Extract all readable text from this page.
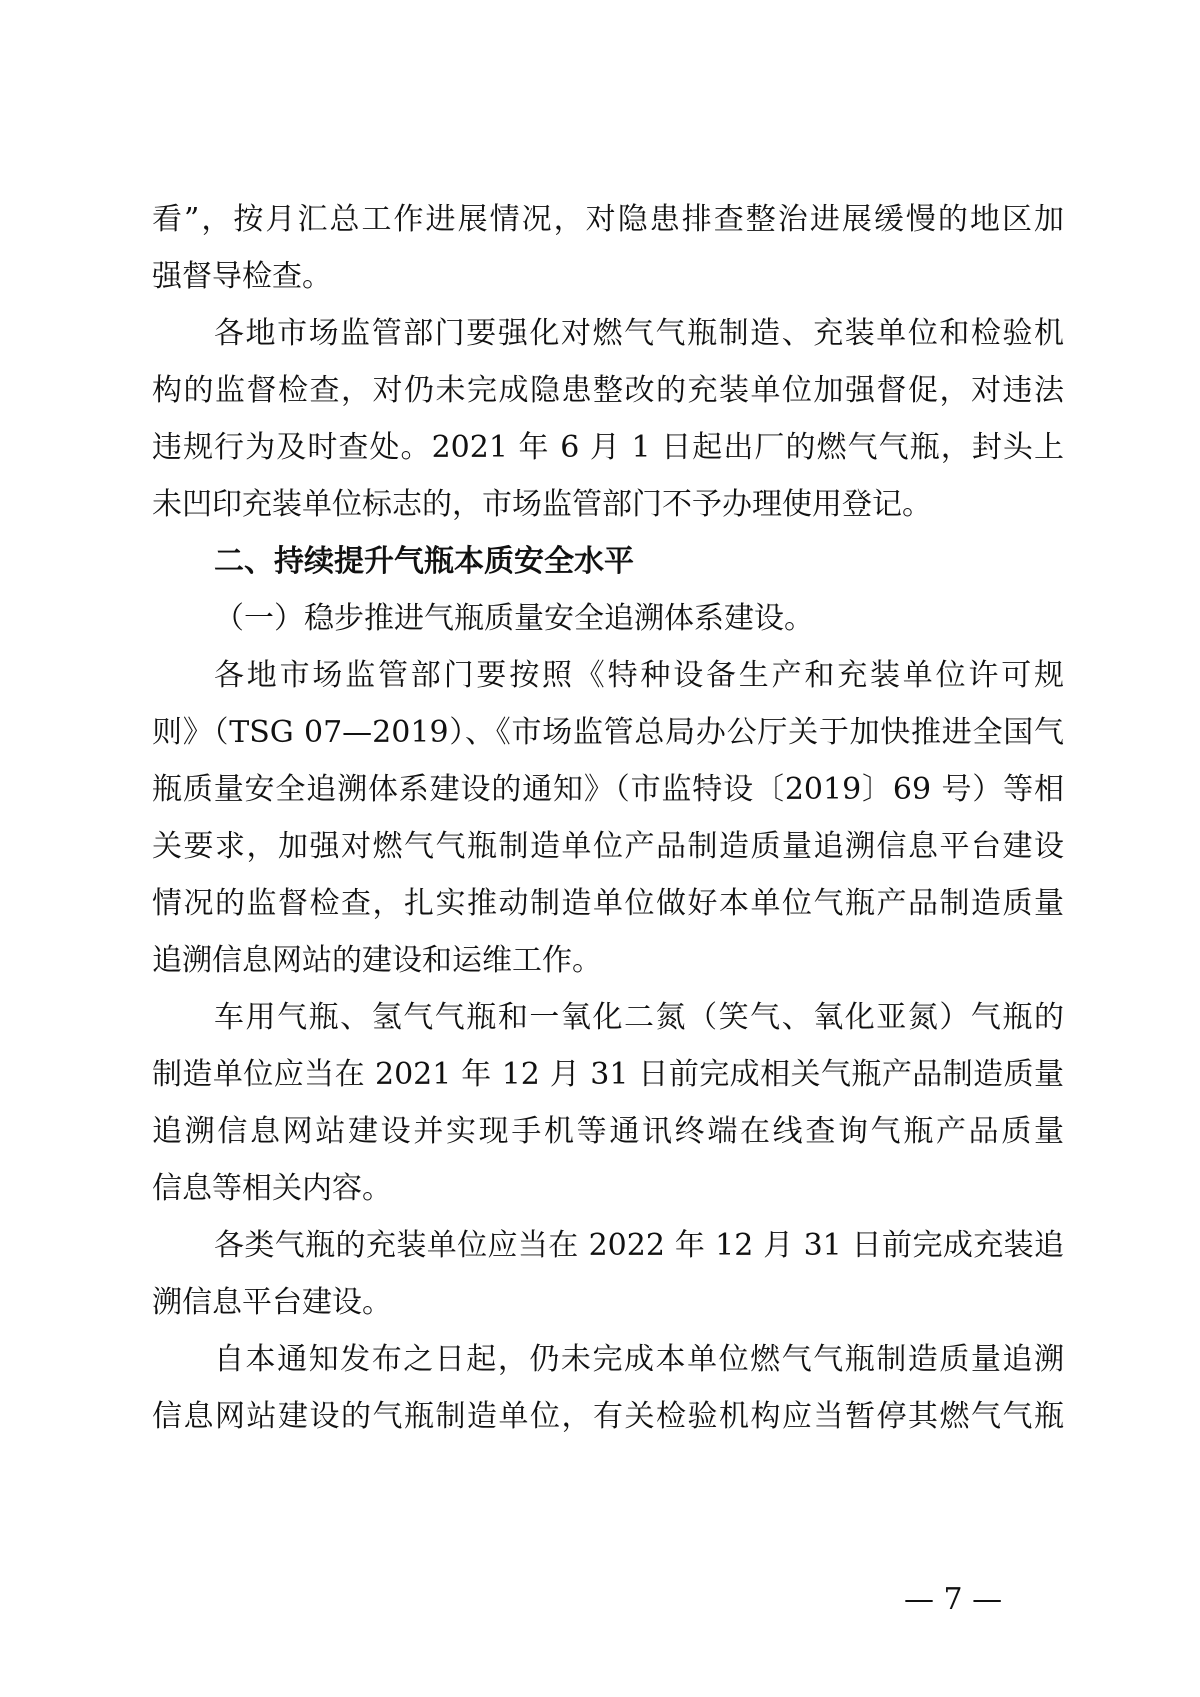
看”，按月汇总工作进展情况，对隐患排查整治进展缓慢的地区加
强督导检查。
各地市场监管部门要强化对燃气气瓶制造、充装单位和检验机
构的监督检查，对仍未完成隐患整改的充装单位加强督促，对违法
违规行为及时查处。2021 年 6 月 1 日起出厂的燃气气瓶，封头上
未凹印充装单位标志的，市场监管部门不予办理使用登记。
二、持续提升气瓶本质安全水平
（一）稳步推进气瓶质量安全追溯体系建设。
各地市场监管部门要按照《特种设备生产和充装单位许可规
则》（TSG 07—2019）、《市场监管总局办公厅关于加快推进全国气
瓶质量安全追溯体系建设的通知》（市监特设〔2019〕69 号）等相
关要求，加强对燃气气瓶制造单位产品制造质量追溯信息平台建设
情况的监督检查，扎实推动制造单位做好本单位气瓶产品制造质量
追溯信息网站的建设和运维工作。
车用气瓶、氢气气瓶和一氧化二氮（笑气、氧化亚氮）气瓶的
制造单位应当在 2021 年 12 月 31 日前完成相关气瓶产品制造质量
追溯信息网站建设并实现手机等通讯终端在线查询气瓶产品质量
信息等相关内容。
各类气瓶的充装单位应当在 2022 年 12 月 31 日前完成充装追
溯信息平台建设。
自本通知发布之日起，仍未完成本单位燃气气瓶制造质量追溯
信息网站建设的气瓶制造单位，有关检验机构应当暂停其燃气气瓶
— 7 —
